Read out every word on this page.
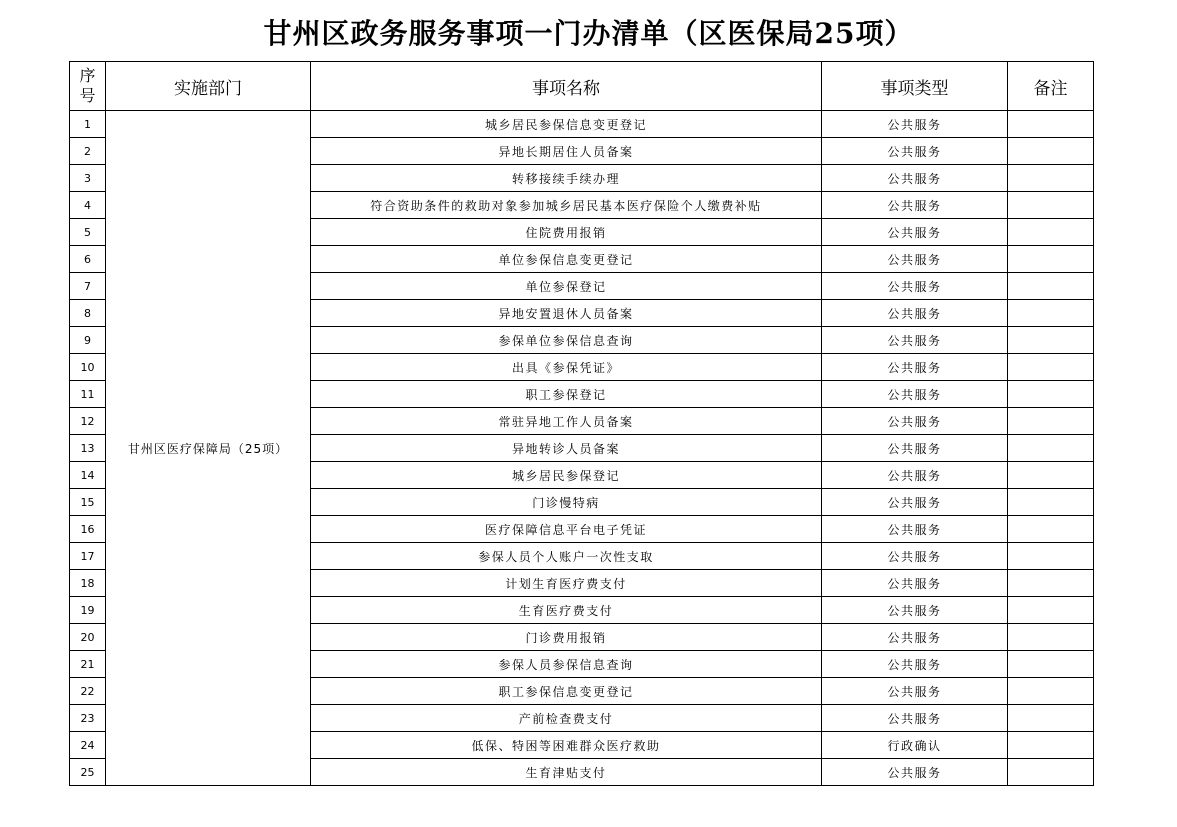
甘州区政务服务事项一门办清单（区医保局25项）
序
号	实施部门	事项名称	事项类型	备注
1	甘州区医疗保障局（25项）	城乡居民参保信息变更登记	公共服务	
2		异地长期居住人员备案	公共服务	
3		转移接续手续办理	公共服务	
4		符合资助条件的救助对象参加城乡居民基本医疗保险个人缴费补贴	公共服务	
5		住院费用报销	公共服务	
6		单位参保信息变更登记	公共服务	
7		单位参保登记	公共服务	
8		异地安置退休人员备案	公共服务	
9		参保单位参保信息查询	公共服务	
10		出具《参保凭证》	公共服务	
11		职工参保登记	公共服务	
12		常驻异地工作人员备案	公共服务	
13		异地转诊人员备案	公共服务	
14		城乡居民参保登记	公共服务	
15		门诊慢特病	公共服务	
16		医疗保障信息平台电子凭证	公共服务	
17		参保人员个人账户一次性支取	公共服务	
18		计划生育医疗费支付	公共服务	
19		生育医疗费支付	公共服务	
20		门诊费用报销	公共服务	
21		参保人员参保信息查询	公共服务	
22		职工参保信息变更登记	公共服务	
23		产前检查费支付	公共服务	
24		低保、特困等困难群众医疗救助	行政确认	
25		生育津贴支付	公共服务	
